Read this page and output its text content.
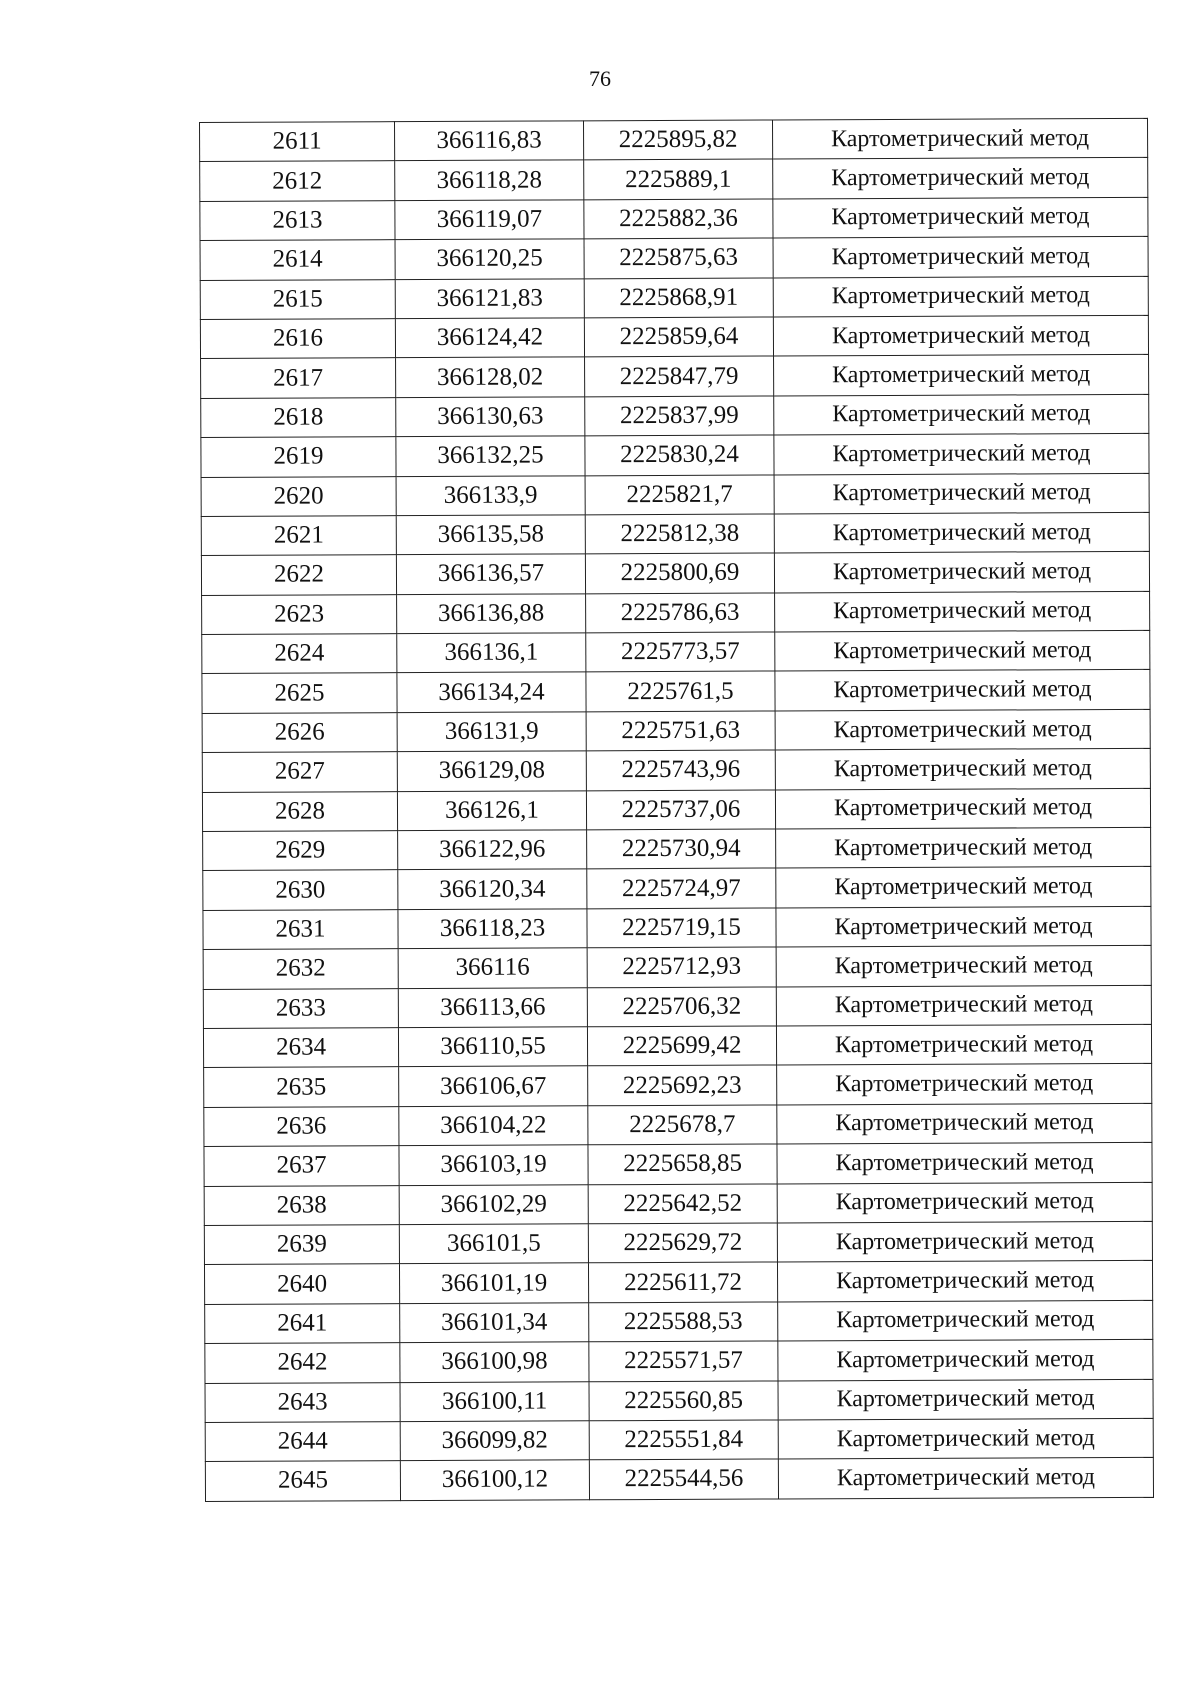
76
2611	366116,83	2225895,82	Картометрический метод
2612	366118,28	2225889,1	Картометрический метод
2613	366119,07	2225882,36	Картометрический метод
2614	366120,25	2225875,63	Картометрический метод
2615	366121,83	2225868,91	Картометрический метод
2616	366124,42	2225859,64	Картометрический метод
2617	366128,02	2225847,79	Картометрический метод
2618	366130,63	2225837,99	Картометрический метод
2619	366132,25	2225830,24	Картометрический метод
2620	366133,9	2225821,7	Картометрический метод
2621	366135,58	2225812,38	Картометрический метод
2622	366136,57	2225800,69	Картометрический метод
2623	366136,88	2225786,63	Картометрический метод
2624	366136,1	2225773,57	Картометрический метод
2625	366134,24	2225761,5	Картометрический метод
2626	366131,9	2225751,63	Картометрический метод
2627	366129,08	2225743,96	Картометрический метод
2628	366126,1	2225737,06	Картометрический метод
2629	366122,96	2225730,94	Картометрический метод
2630	366120,34	2225724,97	Картометрический метод
2631	366118,23	2225719,15	Картометрический метод
2632	366116	2225712,93	Картометрический метод
2633	366113,66	2225706,32	Картометрический метод
2634	366110,55	2225699,42	Картометрический метод
2635	366106,67	2225692,23	Картометрический метод
2636	366104,22	2225678,7	Картометрический метод
2637	366103,19	2225658,85	Картометрический метод
2638	366102,29	2225642,52	Картометрический метод
2639	366101,5	2225629,72	Картометрический метод
2640	366101,19	2225611,72	Картометрический метод
2641	366101,34	2225588,53	Картометрический метод
2642	366100,98	2225571,57	Картометрический метод
2643	366100,11	2225560,85	Картометрический метод
2644	366099,82	2225551,84	Картометрический метод
2645	366100,12	2225544,56	Картометрический метод
